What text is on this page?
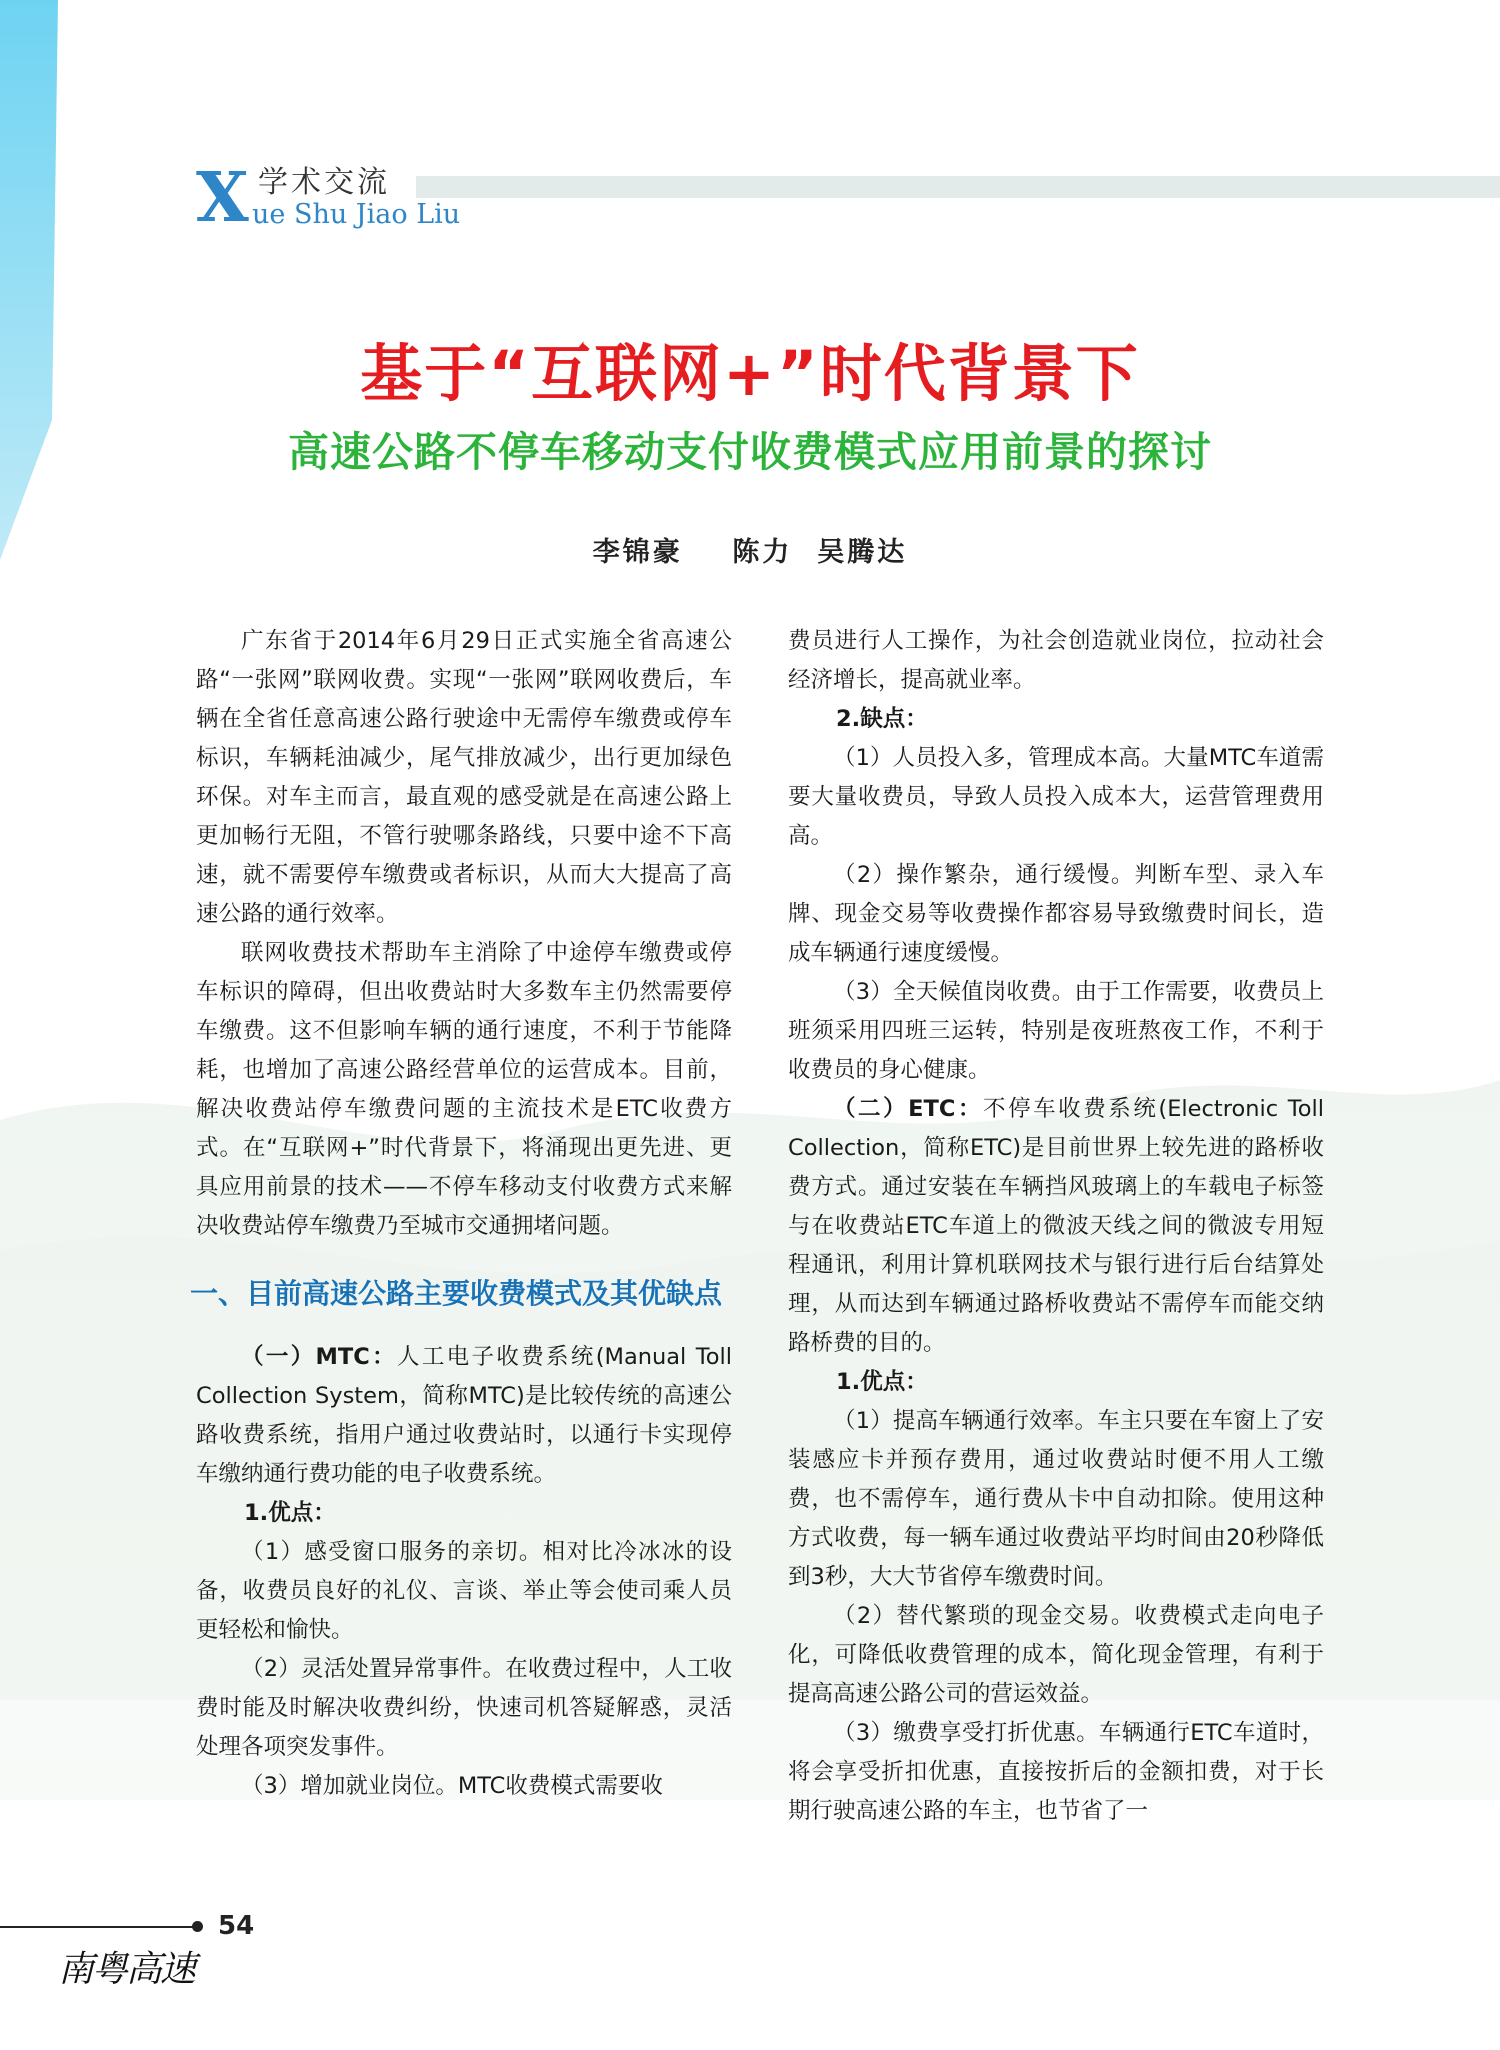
X 学术交流
ue Shu Jiao Liu
基于“互联网+”时代背景下
高速公路不停车移动支付收费模式应用前景的探讨
李锦豪    陈力  吴腾达

广东省于2014年6月29日正式实施全省高速公路“一张网”联网收费。实现“一张网”联网收费后，车辆在全省任意高速公路行驶途中无需停车缴费或停车标识，车辆耗油减少，尾气排放减少，出行更加绿色环保。对车主而言，最直观的感受就是在高速公路上更加畅行无阻，不管行驶哪条路线，只要中途不下高速，就不需要停车缴费或者标识，从而大大提高了高速公路的通行效率。

联网收费技术帮助车主消除了中途停车缴费或停车标识的障碍，但出收费站时大多数车主仍然需要停车缴费。这不但影响车辆的通行速度，不利于节能降耗，也增加了高速公路经营单位的运营成本。目前，解决收费站停车缴费问题的主流技术是ETC收费方式。在“互联网+”时代背景下，将涌现出更先进、更具应用前景的技术——不停车移动支付收费方式来解决收费站停车缴费乃至城市交通拥堵问题。

一、目前高速公路主要收费模式及其优缺点

（一）MTC：人工电子收费系统(Manual Toll Collection System，简称MTC)是比较传统的高速公路收费系统，指用户通过收费站时，以通行卡实现停车缴纳通行费功能的电子收费系统。

1.优点：

（1）感受窗口服务的亲切。相对比冷冰冰的设备，收费员良好的礼仪、言谈、举止等会使司乘人员更轻松和愉快。

（2）灵活处置异常事件。在收费过程中，人工收费时能及时解决收费纠纷，快速司机答疑解惑，灵活处理各项突发事件。

（3）增加就业岗位。MTC收费模式需要收

费员进行人工操作，为社会创造就业岗位，拉动社会经济增长，提高就业率。

2.缺点：

（1）人员投入多，管理成本高。大量MTC车道需要大量收费员，导致人员投入成本大，运营管理费用高。

（2）操作繁杂，通行缓慢。判断车型、录入车牌、现金交易等收费操作都容易导致缴费时间长，造成车辆通行速度缓慢。

（3）全天候值岗收费。由于工作需要，收费员上班须采用四班三运转，特别是夜班熬夜工作，不利于收费员的身心健康。

（二）ETC：不停车收费系统(Electronic Toll Collection，简称ETC)是目前世界上较先进的路桥收费方式。通过安装在车辆挡风玻璃上的车载电子标签与在收费站ETC车道上的微波天线之间的微波专用短程通讯，利用计算机联网技术与银行进行后台结算处理，从而达到车辆通过路桥收费站不需停车而能交纳路桥费的目的。

1.优点：

（1）提高车辆通行效率。车主只要在车窗上了安装感应卡并预存费用，通过收费站时便不用人工缴费，也不需停车，通行费从卡中自动扣除。使用这种方式收费，每一辆车通过收费站平均时间由20秒降低到3秒，大大节省停车缴费时间。

（2）替代繁琐的现金交易。收费模式走向电子化，可降低收费管理的成本，简化现金管理，有利于提高高速公路公司的营运效益。

（3）缴费享受打折优惠。车辆通行ETC车道时，将会享受折扣优惠，直接按折后的金额扣费，对于长期行驶高速公路的车主，也节省了一

54
南粤高速
